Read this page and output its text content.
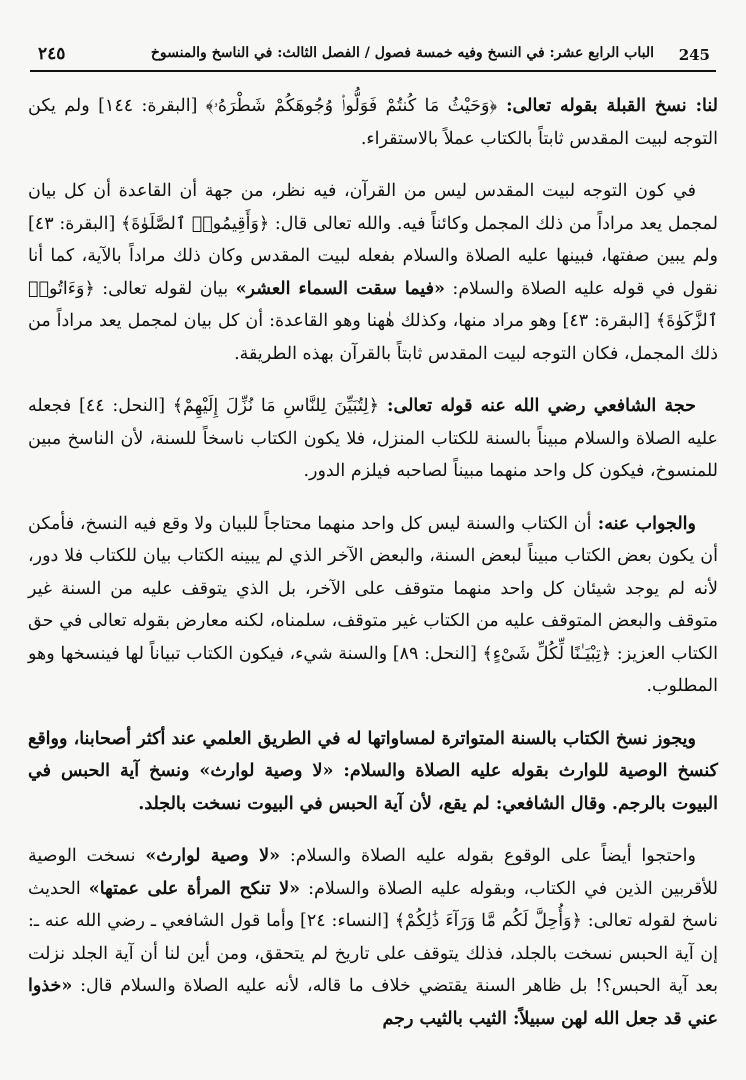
245
الباب الرابع عشر: في النسخ وفيه خمسة فصول / الفصل الثالث: في الناسخ والمنسوخ
٢٤٥

لنا: نسخ القبلة بقوله تعالى: ﴿وَحَيْثُ مَا كُنتُمْ فَوَلُّوا۟ وُجُوهَكُمْ شَطْرَهُۥ﴾ [البقرة: ١٤٤] ولم يكن التوجه لبيت المقدس ثابتاً بالكتاب عملاً بالاستقراء.

في كون التوجه لبيت المقدس ليس من القرآن، فيه نظر، من جهة أن القاعدة أن كل بيان لمجمل يعد مراداً من ذلك المجمل وكائناً فيه. والله تعالى قال: ﴿وَأَقِيمُوا۟ ٱلصَّلَوٰةَ﴾ [البقرة: ٤٣] ولم يبين صفتها، فبينها عليه الصلاة والسلام بفعله لبيت المقدس وكان ذلك مراداً بالآية، كما أنا نقول في قوله عليه الصلاة والسلام: «فيما سقت السماء العشر» بيان لقوله تعالى: ﴿وَءَاتُوا۟ ٱلزَّكَوٰةَ﴾ [البقرة: ٤٣] وهو مراد منها، وكذلك هٰهنا وهو القاعدة: أن كل بيان لمجمل يعد مراداً من ذلك المجمل، فكان التوجه لبيت المقدس ثابتاً بالقرآن بهذه الطريقة.

حجة الشافعي رضي الله عنه قوله تعالى: ﴿لِتُبَيِّنَ لِلنَّاسِ مَا نُزِّلَ إِلَيْهِمْ﴾ [النحل: ٤٤] فجعله عليه الصلاة والسلام مبيناً بالسنة للكتاب المنزل، فلا يكون الكتاب ناسخاً للسنة، لأن الناسخ مبين للمنسوخ، فيكون كل واحد منهما مبيناً لصاحبه فيلزم الدور.

والجواب عنه: أن الكتاب والسنة ليس كل واحد منهما محتاجاً للبيان ولا وقع فيه النسخ، فأمكن أن يكون بعض الكتاب مبيناً لبعض السنة، والبعض الآخر الذي لم يبينه الكتاب بيان للكتاب فلا دور، لأنه لم يوجد شيئان كل واحد منهما متوقف على الآخر، بل الذي يتوقف عليه من السنة غير متوقف والبعض المتوقف عليه من الكتاب غير متوقف، سلمناه، لكنه معارض بقوله تعالى في حق الكتاب العزيز: ﴿تِبْيَـٰنًا لِّكُلِّ شَىْءٍ﴾ [النحل: ٨٩] والسنة شيء، فيكون الكتاب تبياناً لها فينسخها وهو المطلوب.

ويجوز نسخ الكتاب بالسنة المتواترة لمساواتها له في الطريق العلمي عند أكثر أصحابنا، وواقع كنسخ الوصية للوارث بقوله عليه الصلاة والسلام: «لا وصية لوارث» ونسخ آية الحبس في البيوت بالرجم. وقال الشافعي: لم يقع، لأن آية الحبس في البيوت نسخت بالجلد.

واحتجوا أيضاً على الوقوع بقوله عليه الصلاة والسلام: «لا وصية لوارث» نسخت الوصية للأقربين الذين في الكتاب، وبقوله عليه الصلاة والسلام: «لا تنكح المرأة على عمتها» الحديث ناسخ لقوله تعالى: ﴿وَأُحِلَّ لَكُم مَّا وَرَآءَ ذَٰلِكُمْ﴾ [النساء: ٢٤] وأما قول الشافعي ـ رضي الله عنه ـ: إن آية الحبس نسخت بالجلد، فذلك يتوقف على تاريخ لم يتحقق، ومن أين لنا أن آية الجلد نزلت بعد آية الحبس؟! بل ظاهر السنة يقتضي خلاف ما قاله، لأنه عليه الصلاة والسلام قال: «خذوا عني قد جعل الله لهن سبيلاً: الثيب بالثيب رجم
